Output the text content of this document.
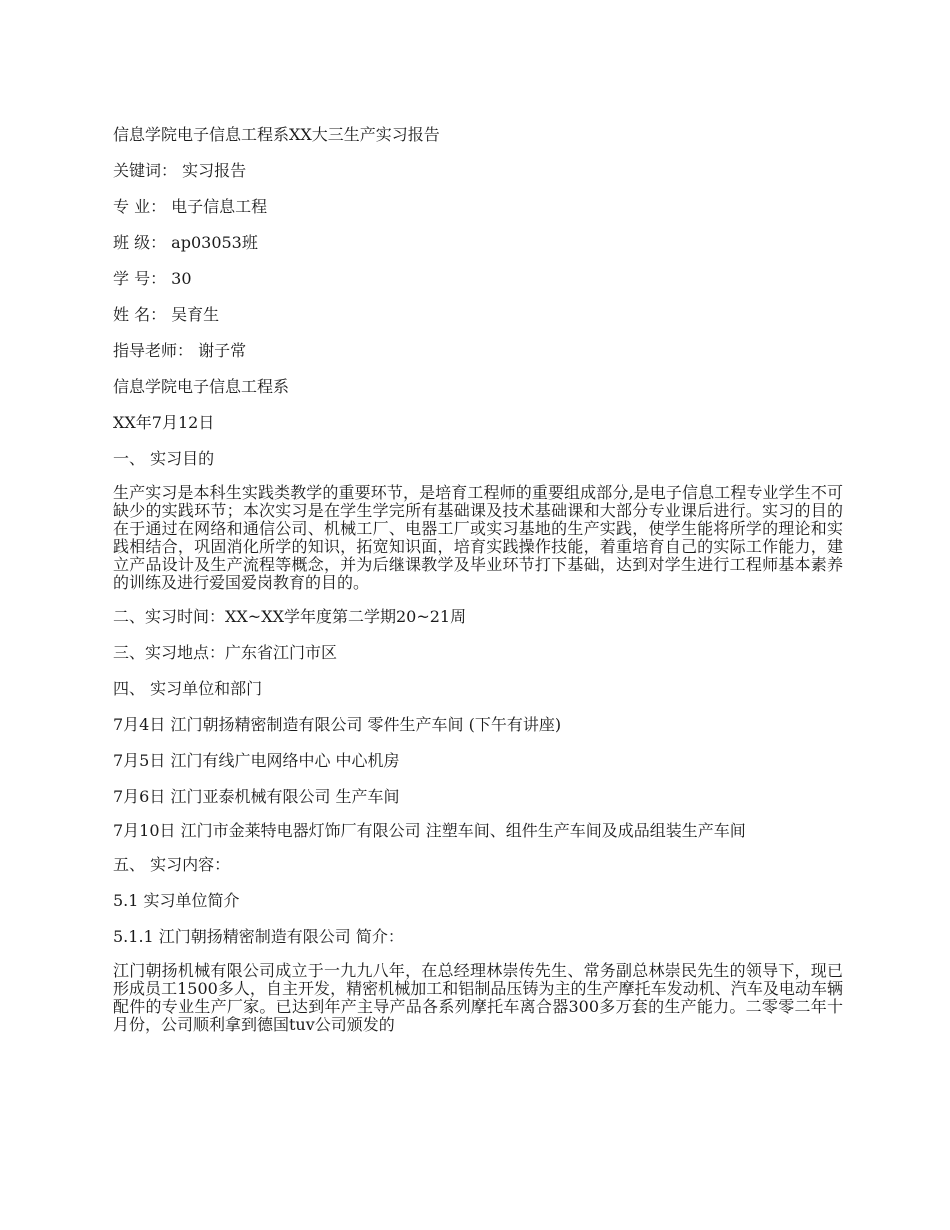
信息学院电子信息工程系XX大三生产实习报告
关键词： 实习报告
专 业： 电子信息工程
班 级： ap03053班
学 号： 30
姓 名： 吴育生
指导老师： 谢子常
信息学院电子信息工程系
XX年7月12日
一、 实习目的
生产实习是本科生实践类教学的重要环节，是培育工程师的重要组成部分,是电子信息工程专业学生不可缺少的实践环节；本次实习是在学生学完所有基础课及技术基础课和大部分专业课后进行。实习的目的在于通过在网络和通信公司、机械工厂、电器工厂或实习基地的生产实践，使学生能将所学的理论和实践相结合，巩固消化所学的知识，拓宽知识面，培育实践操作技能，着重培育自己的实际工作能力，建立产品设计及生产流程等概念，并为后继课教学及毕业环节打下基础，达到对学生进行工程师基本素养的训练及进行爱国爱岗教育的目的。
二、实习时间：XX~XX学年度第二学期20~21周
三、实习地点：广东省江门市区
四、 实习单位和部门
7月4日 江门朝扬精密制造有限公司 零件生产车间 (下午有讲座)
7月5日 江门有线广电网络中心 中心机房
7月6日 江门亚泰机械有限公司 生产车间
7月10日 江门市金莱特电器灯饰厂有限公司 注塑车间、组件生产车间及成品组装生产车间
五、 实习内容：
5.1 实习单位简介
5.1.1 江门朝扬精密制造有限公司 简介：
江门朝扬机械有限公司成立于一九九八年，在总经理林崇传先生、常务副总林崇民先生的领导下，现已形成员工1500多人，自主开发，精密机械加工和铝制品压铸为主的生产摩托车发动机、汽车及电动车辆配件的专业生产厂家。已达到年产主导产品各系列摩托车离合器300多万套的生产能力。二零零二年十月份，公司顺利拿到德国tuv公司颁发的
